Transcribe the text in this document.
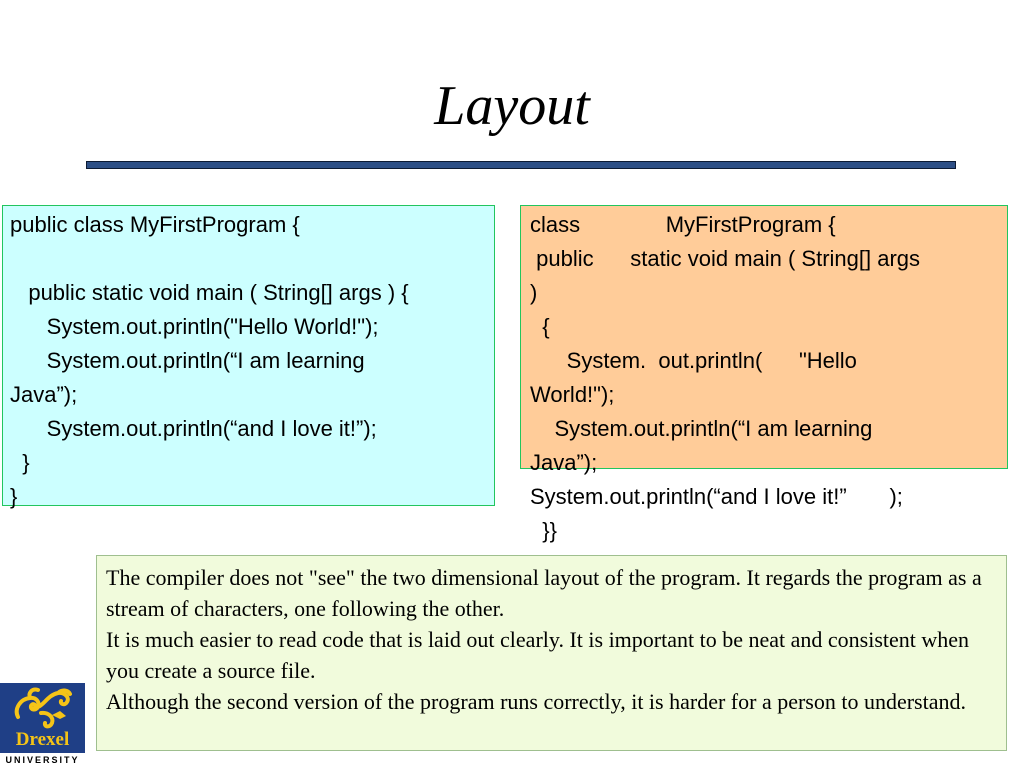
Layout
public class MyFirstProgram {

public static void main ( String[] args ) {
System.out.println("Hello World!");
System.out.println(“I am learning
Java”);
System.out.println(“and I love it!”);
}
}
class              MyFirstProgram {
public      static void main ( String[] args
)
{
System.  out.println(      "Hello
World!");
System.out.println(“I am learning
Java”);
System.out.println(“and I love it!”       );
}}

The compiler does not "see" the two dimensional layout of the program. It regards the program as a stream of characters, one following the other.

It is much easier to read code that is laid out clearly. It is important to be neat and consistent when you create a source file.

Although the second version of the program runs correctly, it is harder for a person to understand.

Drexel
UNIVERSITY
